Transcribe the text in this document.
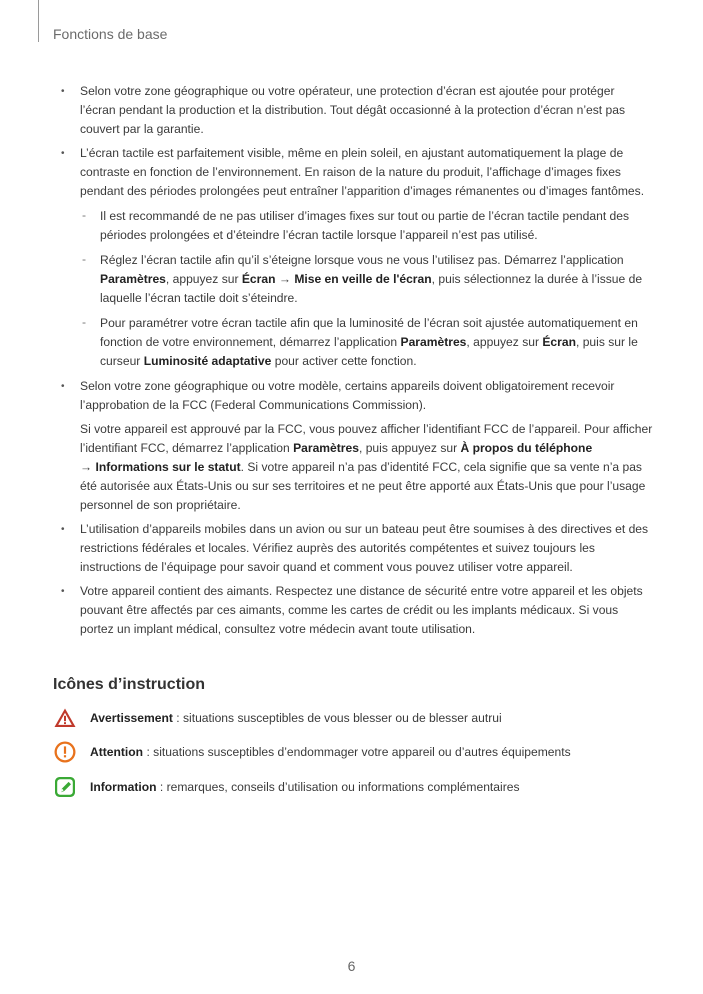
Fonctions de base
• Selon votre zone géographique ou votre opérateur, une protection d’écran est ajoutée pour protéger l’écran pendant la production et la distribution. Tout dégât occasionné à la protection d’écran n’est pas couvert par la garantie.
• L’écran tactile est parfaitement visible, même en plein soleil, en ajustant automatiquement la plage de contraste en fonction de l’environnement. En raison de la nature du produit, l’affichage d’images fixes pendant des périodes prolongées peut entraîner l’apparition d’images rémanentes ou d’images fantômes.
- Il est recommandé de ne pas utiliser d’images fixes sur tout ou partie de l’écran tactile pendant des périodes prolongées et d’éteindre l’écran tactile lorsque l’appareil n’est pas utilisé.
- Réglez l’écran tactile afin qu’il s’éteigne lorsque vous ne vous l’utilisez pas. Démarrez l’application Paramètres, appuyez sur Écran → Mise en veille de l'écran, puis sélectionnez la durée à l’issue de laquelle l’écran tactile doit s’éteindre.
- Pour paramétrer votre écran tactile afin que la luminosité de l’écran soit ajustée automatiquement en fonction de votre environnement, démarrez l’application Paramètres, appuyez sur Écran, puis sur le curseur Luminosité adaptative pour activer cette fonction.
• Selon votre zone géographique ou votre modèle, certains appareils doivent obligatoirement recevoir l’approbation de la FCC (Federal Communications Commission).
Si votre appareil est approuvé par la FCC, vous pouvez afficher l’identifiant FCC de l’appareil. Pour afficher l’identifiant FCC, démarrez l’application Paramètres, puis appuyez sur À propos du téléphone
→ Informations sur le statut. Si votre appareil n’a pas d’identité FCC, cela signifie que sa vente n’a pas été autorisée aux États-Unis ou sur ses territoires et ne peut être apporté aux États-Unis que pour l’usage personnel de son propriétaire.
• L’utilisation d’appareils mobiles dans un avion ou sur un bateau peut être soumises à des directives et des restrictions fédérales et locales. Vérifiez auprès des autorités compétentes et suivez toujours les instructions de l’équipage pour savoir quand et comment vous pouvez utiliser votre appareil.
• Votre appareil contient des aimants. Respectez une distance de sécurité entre votre appareil et les objets pouvant être affectés par ces aimants, comme les cartes de crédit ou les implants médicaux. Si vous portez un implant médical, consultez votre médecin avant toute utilisation.
Icônes d’instruction
Avertissement : situations susceptibles de vous blesser ou de blesser autrui
Attention : situations susceptibles d’endommager votre appareil ou d’autres équipements
Information : remarques, conseils d’utilisation ou informations complémentaires
6
